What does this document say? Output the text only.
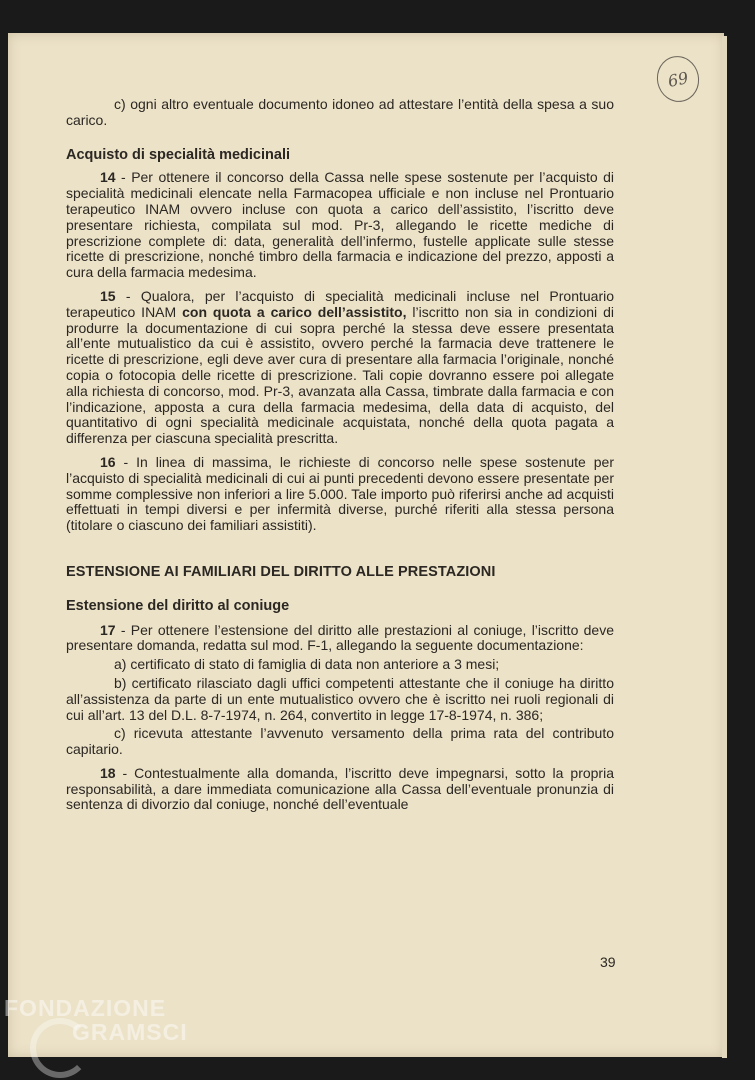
69

c) ogni altro eventuale documento idoneo ad attestare l’entità della spesa a suo carico.

Acquisto di specialità medicinali

14 - Per ottenere il concorso della Cassa nelle spese sostenute per l’acquisto di specialità medicinali elencate nella Farmacopea ufficiale e non incluse nel Prontuario terapeutico INAM ovvero incluse con quota a carico dell’assistito, l’iscritto deve presentare richiesta, compilata sul mod. Pr-3, allegando le ricette mediche di prescrizione complete di: data, generalità dell’infermo, fustelle applicate sulle stesse ricette di prescrizione, nonché timbro della farmacia e indicazione del prezzo, apposti a cura della farmacia medesima.

15 - Qualora, per l’acquisto di specialità medicinali incluse nel Prontuario terapeutico INAM con quota a carico dell’assistito, l’iscritto non sia in condizioni di produrre la documentazione di cui sopra perché la stessa deve essere presentata all’ente mutualistico da cui è assistito, ovvero perché la farmacia deve trattenere le ricette di prescrizione, egli deve aver cura di presentare alla farmacia l’originale, nonché copia o fotocopia delle ricette di prescrizione. Tali copie dovranno essere poi allegate alla richiesta di concorso, mod. Pr-3, avanzata alla Cassa, timbrate dalla farmacia e con l’indicazione, apposta a cura della farmacia medesima, della data di acquisto, del quantitativo di ogni specialità medicinale acquistata, nonché della quota pagata a differenza per ciascuna specialità prescritta.

16 - In linea di massima, le richieste di concorso nelle spese sostenute per l’acquisto di specialità medicinali di cui ai punti precedenti devono essere presentate per somme complessive non inferiori a lire 5.000. Tale importo può riferirsi anche ad acquisti effettuati in tempi diversi e per infermità diverse, purché riferiti alla stessa persona (titolare o ciascuno dei familiari assistiti).

ESTENSIONE AI FAMILIARI DEL DIRITTO ALLE PRESTAZIONI

Estensione del diritto al coniuge

17 - Per ottenere l’estensione del diritto alle prestazioni al coniuge, l’iscritto deve presentare domanda, redatta sul mod. F-1, allegando la seguente documentazione:

a) certificato di stato di famiglia di data non anteriore a 3 mesi;

b) certificato rilasciato dagli uffici competenti attestante che il coniuge ha diritto all’assistenza da parte di un ente mutualistico ovvero che è iscritto nei ruoli regionali di cui all’art. 13 del D.L. 8-7-1974, n. 264, convertito in legge 17-8-1974, n. 386;

c) ricevuta attestante l’avvenuto versamento della prima rata del contributo capitario.

18 - Contestualmente alla domanda, l’iscritto deve impegnarsi, sotto la propria responsabilità, a dare immediata comunicazione alla Cassa dell’eventuale pronunzia di sentenza di divorzio dal coniuge, nonché dell’eventuale

39
FONDAZIONE
GRAMSCI
